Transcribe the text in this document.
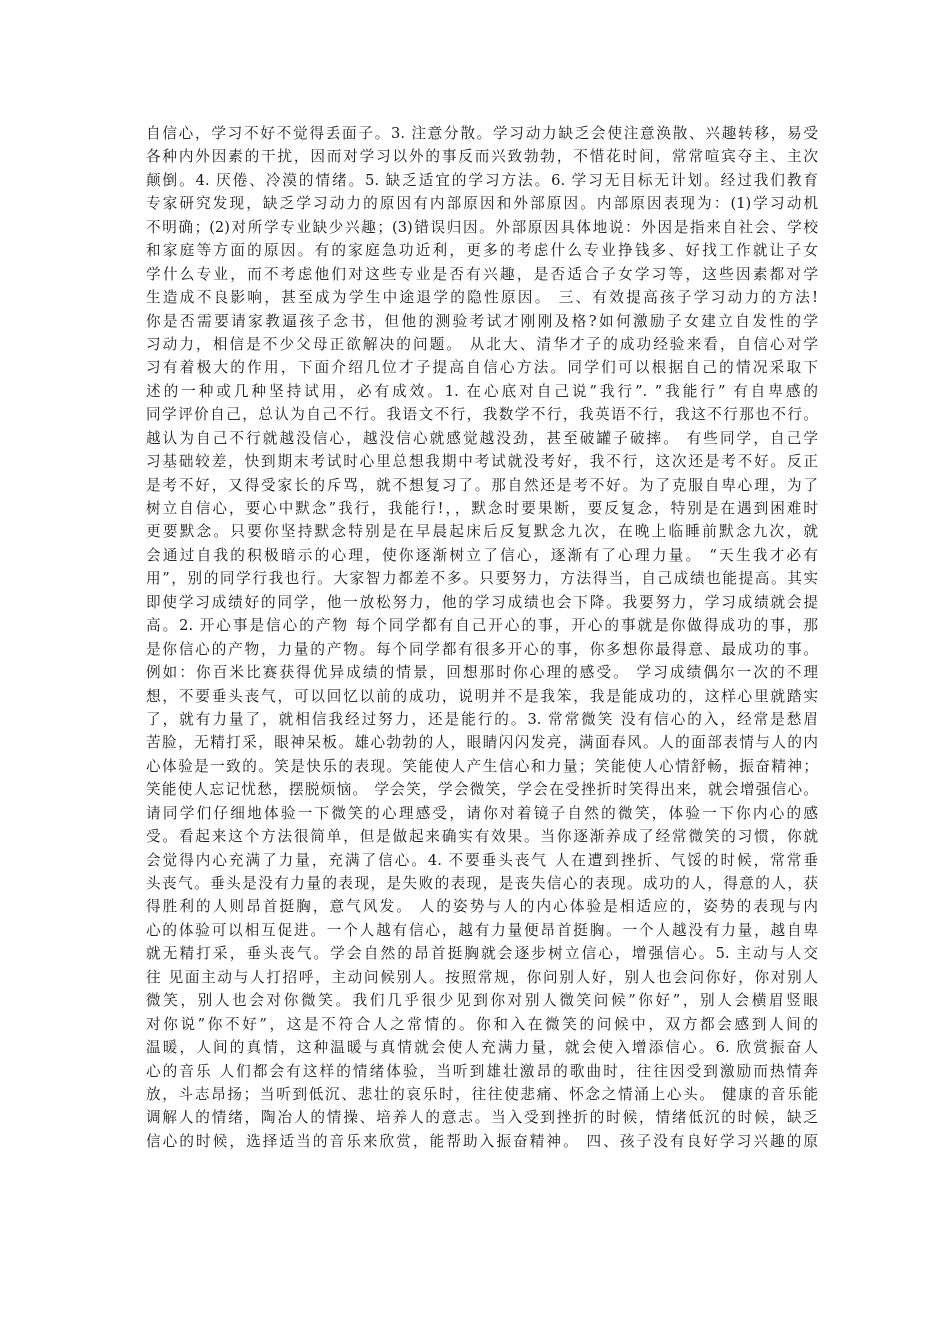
自信心，学习不好不觉得丢面子。3. 注意分散。学习动力缺乏会使注意涣散、兴趣转移，易受
各种内外因素的干扰，因而对学习以外的事反而兴致勃勃，不惜花时间，常常喧宾夺主、主次
颠倒。4. 厌倦、冷漠的情绪。5. 缺乏适宜的学习方法。6. 学习无目标无计划。经过我们教育
专家研究发现，缺乏学习动力的原因有内部原因和外部原因。内部原因表现为：(1)学习动机
不明确；(2)对所学专业缺少兴趣；(3)错误归因。外部原因具体地说：外因是指来自社会、学校
和家庭等方面的原因。有的家庭急功近利，更多的考虑什么专业挣钱多、好找工作就让子女
学什么专业，而不考虑他们对这些专业是否有兴趣，是否适合子女学习等，这些因素都对学
生造成不良影响，甚至成为学生中途退学的隐性原因。 三、有效提高孩子学习动力的方法!
你是否需要请家教逼孩子念书，但他的测验考试才刚刚及格?如何激励子女建立自发性的学
习动力，相信是不少父母正欲解决的问题。 从北大、清华才子的成功经验来看，自信心对学
习有着极大的作用，下面介绍几位才子提高自信心方法。同学们可以根据自己的情况采取下
述的一种或几种坚持试用，必有成效。1. 在心底对自己说”我行”. ”我能行” 有自卑感的
同学评价自己，总认为自己不行。我语文不行，我数学不行，我英语不行，我这不行那也不行。
越认为自己不行就越没信心，越没信心就感觉越没劲，甚至破罐子破摔。 有些同学，自己学
习基础较差，快到期末考试时心里总想我期中考试就没考好，我不行，这次还是考不好。反正
是考不好，又得受家长的斥骂，就不想复习了。那自然还是考不好。为了克服自卑心理，为了
树立自信心，要心中默念”我行，我能行!，，默念时要果断，要反复念，特别是在遇到困难时
更要默念。只要你坚持默念特别是在早晨起床后反复默念九次，在晚上临睡前默念九次，就
会通过自我的积极暗示的心理，使你逐渐树立了信心，逐渐有了心理力量。 “天生我才必有
用”，别的同学行我也行。大家智力都差不多。只要努力，方法得当，自己成绩也能提高。其实
即使学习成绩好的同学，他一放松努力，他的学习成绩也会下降。我要努力，学习成绩就会提
高。2. 开心事是信心的产物 每个同学都有自己开心的事，开心的事就是你做得成功的事，那
是你信心的产物，力量的产物。每个同学都有很多开心的事，你多想你最得意、最成功的事。
例如：你百米比赛获得优异成绩的情景，回想那时你心理的感受。 学习成绩偶尔一次的不理
想，不要垂头丧气，可以回忆以前的成功，说明并不是我笨，我是能成功的，这样心里就踏实
了，就有力量了，就相信我经过努力，还是能行的。3. 常常微笑 没有信心的入，经常是愁眉
苦脸，无精打采，眼神呆板。雄心勃勃的人，眼睛闪闪发亮，满面春风。人的面部表情与人的内
心体验是一致的。笑是快乐的表现。笑能使人产生信心和力量；笑能使人心情舒畅，振奋精神；
笑能使人忘记忧愁，摆脱烦恼。 学会笑，学会微笑，学会在受挫折时笑得出来，就会增强信心。
请同学们仔细地体验一下微笑的心理感受，请你对着镜子自然的微笑，体验一下你内心的感
受。看起来这个方法很简单，但是做起来确实有效果。当你逐渐养成了经常微笑的习惯，你就
会觉得内心充满了力量，充满了信心。4. 不要垂头丧气 人在遭到挫折、气馁的时候，常常垂
头丧气。垂头是没有力量的表现，是失败的表现，是丧失信心的表现。成功的人，得意的人，获
得胜利的人则昂首挺胸，意气风发。 人的姿势与人的内心体验是相适应的，姿势的表现与内
心的体验可以相互促进。一个人越有信心，越有力量便昂首挺胸。一个人越没有力量，越自卑
就无精打采，垂头丧气。学会自然的昂首挺胸就会逐步树立信心，增强信心。5. 主动与人交
往 见面主动与人打招呼，主动问候别人。按照常规，你问别人好，别人也会问你好，你对别人
微笑，别人也会对你微笑。我们几乎很少见到你对别人微笑问候”你好”，别人会横眉竖眼
对你说”你不好”，这是不符合人之常情的。你和入在微笑的问候中，双方都会感到人间的
温暖，人间的真情，这种温暖与真情就会使人充满力量，就会使入增添信心。6. 欣赏振奋人
心的音乐 人们都会有这样的情绪体验，当听到雄壮激昂的歌曲时，往往因受到激励而热情奔
放，斗志昂扬；当听到低沉、悲壮的哀乐时，往往使悲痛、怀念之情涌上心头。 健康的音乐能
调解人的情绪，陶冶人的情操、培养人的意志。当入受到挫折的时候，情绪低沉的时候，缺乏
信心的时候，选择适当的音乐来欣赏，能帮助入振奋精神。 四、孩子没有良好学习兴趣的原
